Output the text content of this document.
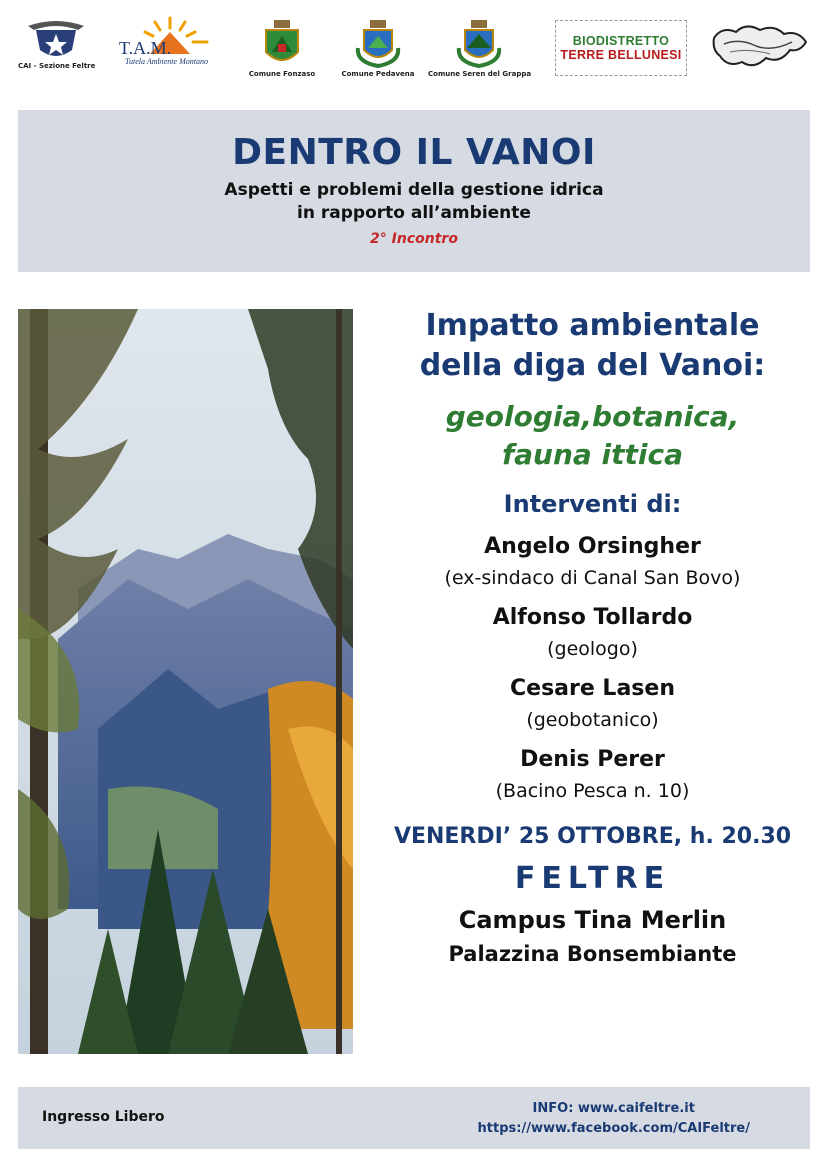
CAI - Sezione Feltre
T.A.M.
Tutela Ambiente Montano
Comune Fonzaso	Comune Pedavena	Comune Seren del Grappa
BIODISTRETTO
TERRE BELLUNESI
DENTRO IL VANOI
Aspetti e problemi della gestione idrica
in rapporto all’ambiente
2° Incontro
Impatto ambientale
della diga del Vanoi:
geologia,botanica,
fauna ittica
Interventi di:
Angelo Orsingher
(ex-sindaco di Canal San Bovo)
Alfonso Tollardo
(geologo)
Cesare Lasen
(geobotanico)
Denis Perer
(Bacino Pesca n. 10)
VENERDI’ 25 OTTOBRE, h. 20.30
FELTRE
Campus Tina Merlin
Palazzina Bonsembiante
Ingresso Libero
INFO: www.caifeltre.it
https://www.facebook.com/CAIFeltre/
